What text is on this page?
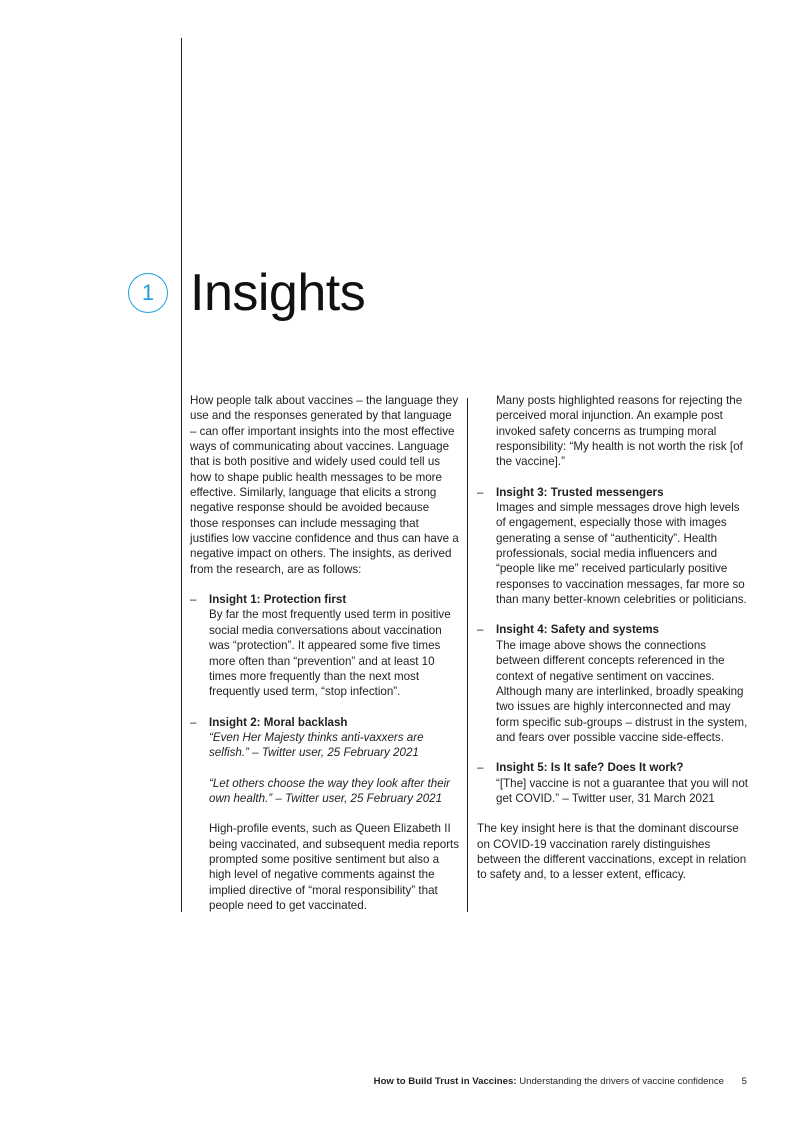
1 Insights

How people talk about vaccines – the language they use and the responses generated by that language – can offer important insights into the most effective ways of communicating about vaccines. Language that is both positive and widely used could tell us how to shape public health messages to be more effective. Similarly, language that elicits a strong negative response should be avoided because those responses can include messaging that justifies low vaccine confidence and thus can have a negative impact on others. The insights, as derived from the research, are as follows:

– Insight 1: Protection first

By far the most frequently used term in positive social media conversations about vaccination was “protection”. It appeared some five times more often than “prevention” and at least 10 times more frequently than the next most frequently used term, “stop infection”.

– Insight 2: Moral backlash

“Even Her Majesty thinks anti-vaxxers are selfish.” – Twitter user, 25 February 2021

“Let others choose the way they look after their own health.” – Twitter user, 25 February 2021

High-profile events, such as Queen Elizabeth II being vaccinated, and subsequent media reports prompted some positive sentiment but also a high level of negative comments against the implied directive of “moral responsibility” that people need to get vaccinated.

Many posts highlighted reasons for rejecting the perceived moral injunction. An example post invoked safety concerns as trumping moral responsibility: “My health is not worth the risk [of the vaccine].”

– Insight 3: Trusted messengers

Images and simple messages drove high levels of engagement, especially those with images generating a sense of “authenticity”. Health professionals, social media influencers and “people like me” received particularly positive responses to vaccination messages, far more so than many better-known celebrities or politicians.

– Insight 4: Safety and systems

The image above shows the connections between different concepts referenced in the context of negative sentiment on vaccines. Although many are interlinked, broadly speaking two issues are highly interconnected and may form specific sub-groups – distrust in the system, and fears over possible vaccine side-effects.

– Insight 5: Is It safe? Does It work?

“[The] vaccine is not a guarantee that you will not get COVID.” – Twitter user, 31 March 2021

The key insight here is that the dominant discourse on COVID-19 vaccination rarely distinguishes between the different vaccinations, except in relation to safety and, to a lesser extent, efficacy.

How to Build Trust in Vaccines: Understanding the drivers of vaccine confidence 5
